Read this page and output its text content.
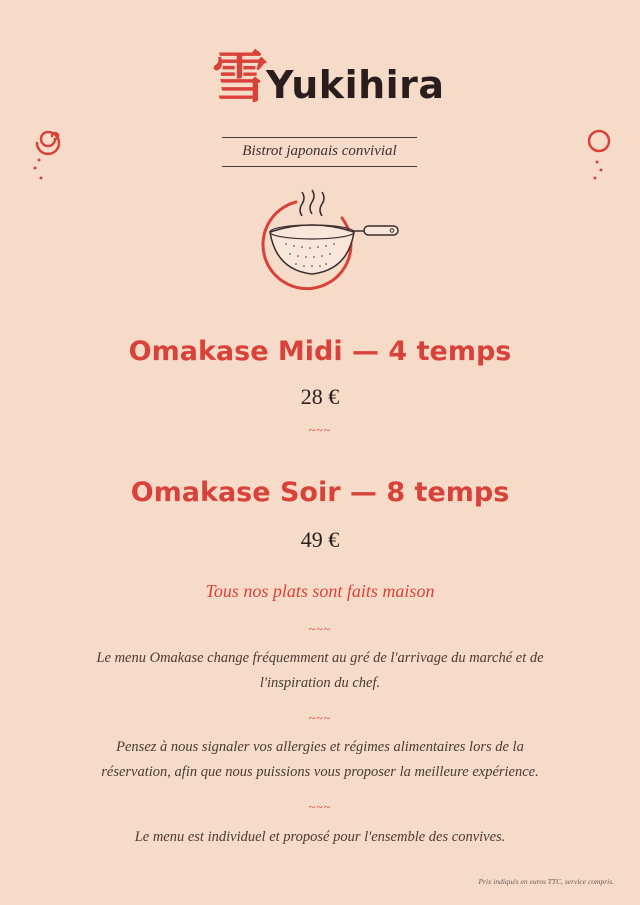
雪
Yukihira
Bistrot japonais convivial
Omakase Midi — 4 temps
28 €
~~~
Omakase Soir — 8 temps
49 €
Tous nos plats sont faits maison
~~~
Le menu Omakase change fréquemment au gré de l'arrivage du marché et de l'inspiration du chef.
~~~
Pensez à nous signaler vos allergies et régimes alimentaires lors de la réservation, afin que nous puissions vous proposer la meilleure expérience.
~~~
Le menu est individuel et proposé pour l'ensemble des convives.
Prix indiqués en euros TTC, service compris.
